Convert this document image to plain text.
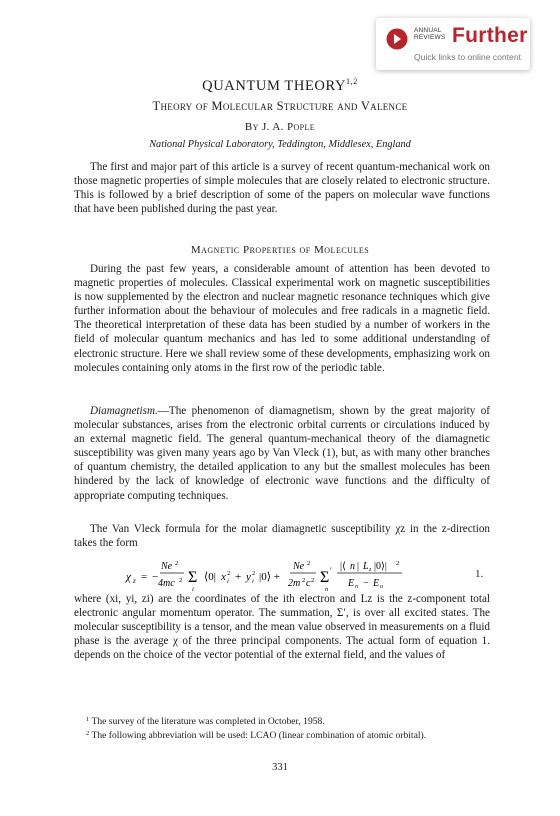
ANNUAL
REVIEWS Further
Quick links to online content
QUANTUM THEORY$^{1,2}$
Theory of Molecular Structure and Valence
By J. A. Pople
National Physical Laboratory, Teddington, Middlesex, England

The first and major part of this article is a survey of recent quantum-mechanical work on those magnetic properties of simple molecules that are closely related to electronic structure. This is followed by a brief description of some of the papers on molecular wave functions that have been published during the past year.

Magnetic Properties of Molecules

During the past few years, a considerable amount of attention has been devoted to magnetic properties of molecules. Classical experimental work on magnetic susceptibilities is now supplemented by the electron and nuclear magnetic resonance techniques which give further information about the behaviour of molecules and free radicals in a magnetic field. The theoretical interpretation of these data has been studied by a number of workers in the field of molecular quantum mechanics and has led to some additional understanding of electronic structure. Here we shall review some of these developments, emphasizing work on molecules containing only atoms in the first row of the periodic table.

Diamagnetism.—The phenomenon of diamagnetism, shown by the great majority of molecular substances, arises from the electronic orbital currents or circulations induced by an external magnetic field. The general quantum-mechanical theory of the diamagnetic susceptibility was given many years ago by Van Vleck (1), but, as with many other branches of quantum chemistry, the detailed application to any but the smallest molecules has been hindered by the lack of knowledge of electronic wave functions and the difficulty of appropriate computing techniques.

The Van Vleck formula for the molar diamagnetic susceptibility χz in the z-direction takes the form

χ z = −
Ne 2
4mc 2 Σ
i
⟨0| x i
2 + y i
2 |0⟩ +
Ne 2
2m 2 c 2 Σ ′
n
|⟨ n | L z |0⟩| 2
E n − E o
1.

where (xi, yi, zi) are the coordinates of the ith electron and Lz is the z-component total electronic angular momentum operator. The summation, Σ′, is over all excited states. The molecular susceptibility is a tensor, and the mean value observed in measurements on a fluid phase is the average χ of the three principal components. The actual form of equation 1. depends on the choice of the vector potential of the external field, and the values of

$^1$ The survey of the literature was completed in October, 1958.

$^2$ The following abbreviation will be used: LCAO (linear combination of atomic orbital).

331
